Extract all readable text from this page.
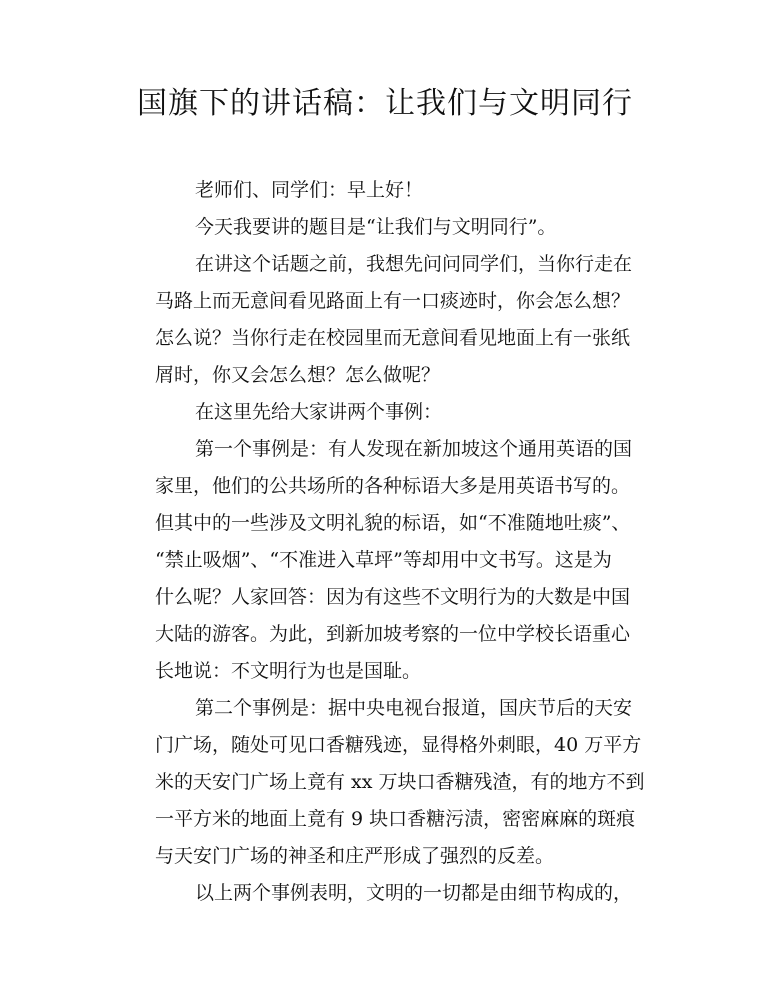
国旗下的讲话稿：让我们与文明同行
老师们、同学们：早上好！
今天我要讲的题目是“让我们与文明同行”。
在讲这个话题之前，我想先问问同学们，当你行走在
马路上而无意间看见路面上有一口痰迹时，你会怎么想？
怎么说？当你行走在校园里而无意间看见地面上有一张纸
屑时，你又会怎么想？怎么做呢？
在这里先给大家讲两个事例：
第一个事例是：有人发现在新加坡这个通用英语的国
家里，他们的公共场所的各种标语大多是用英语书写的。
但其中的一些涉及文明礼貌的标语，如“不准随地吐痰”、
“禁止吸烟”、“不准进入草坪”等却用中文书写。这是为
什么呢？人家回答：因为有这些不文明行为的大数是中国
大陆的游客。为此，到新加坡考察的一位中学校长语重心
长地说：不文明行为也是国耻。
第二个事例是：据中央电视台报道，国庆节后的天安
门广场，随处可见口香糖残迹，显得格外刺眼，40 万平方
米的天安门广场上竟有 xx 万块口香糖残渣，有的地方不到
一平方米的地面上竟有 9 块口香糖污渍，密密麻麻的斑痕
与天安门广场的神圣和庄严形成了强烈的反差。
以上两个事例表明，文明的一切都是由细节构成的，
